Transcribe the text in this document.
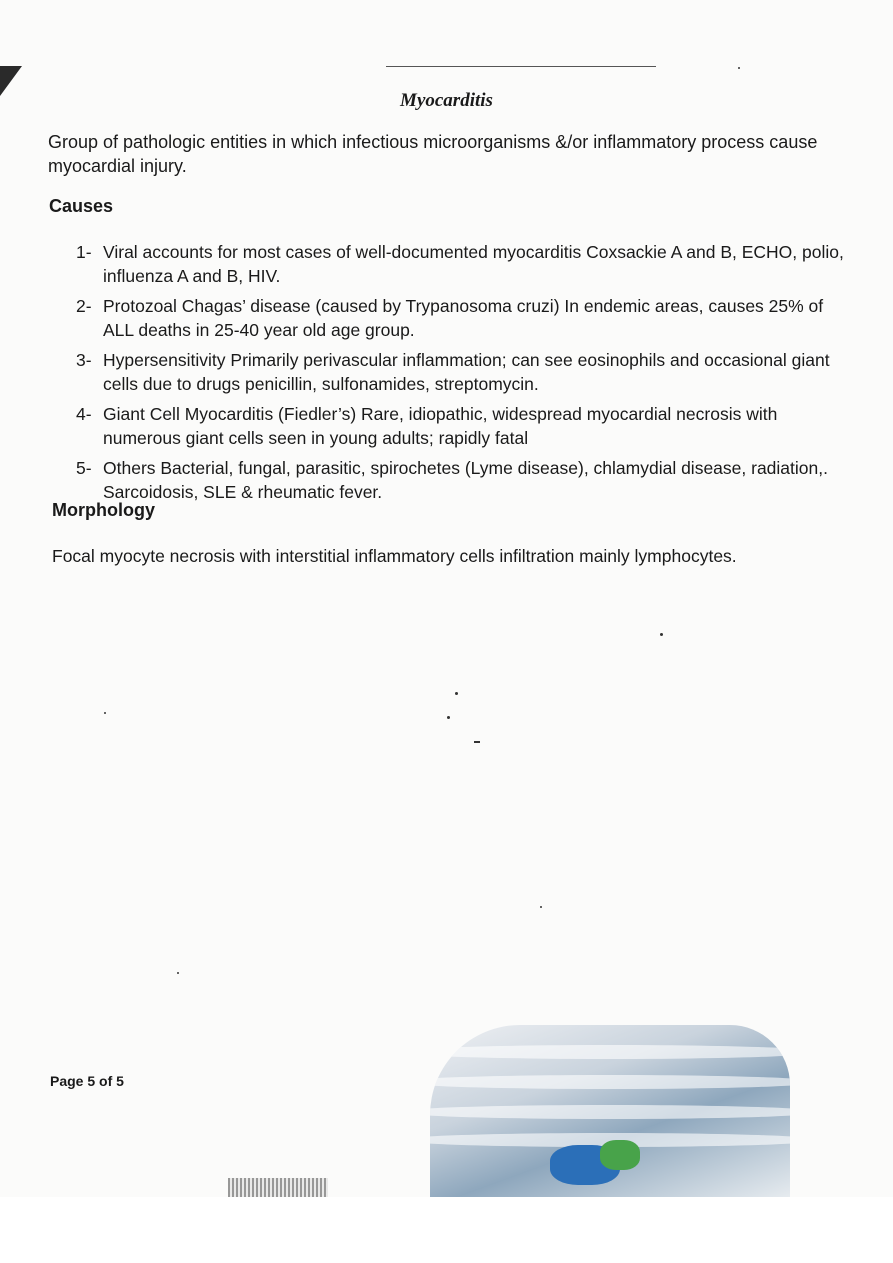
Myocarditis
Group of pathologic entities in which infectious microorganisms &/or inflammatory process cause myocardial injury.
Causes
1- Viral accounts for most cases of well-documented myocarditis Coxsackie A and B, ECHO, polio, influenza A and B, HIV.
2- Protozoal Chagas’ disease (caused by Trypanosoma cruzi) In endemic areas, causes 25% of ALL deaths in 25-40 year old age group.
3- Hypersensitivity Primarily perivascular inflammation; can see eosinophils and occasional giant cells due to drugs penicillin, sulfonamides, streptomycin.
4- Giant Cell Myocarditis (Fiedler’s) Rare, idiopathic, widespread myocardial necrosis with numerous giant cells seen in young adults; rapidly fatal
5- Others Bacterial, fungal, parasitic, spirochetes (Lyme disease), chlamydial disease, radiation,. Sarcoidosis, SLE & rheumatic fever.
Morphology
Focal myocyte necrosis with interstitial inflammatory cells infiltration mainly lymphocytes.
Page 5 of 5
